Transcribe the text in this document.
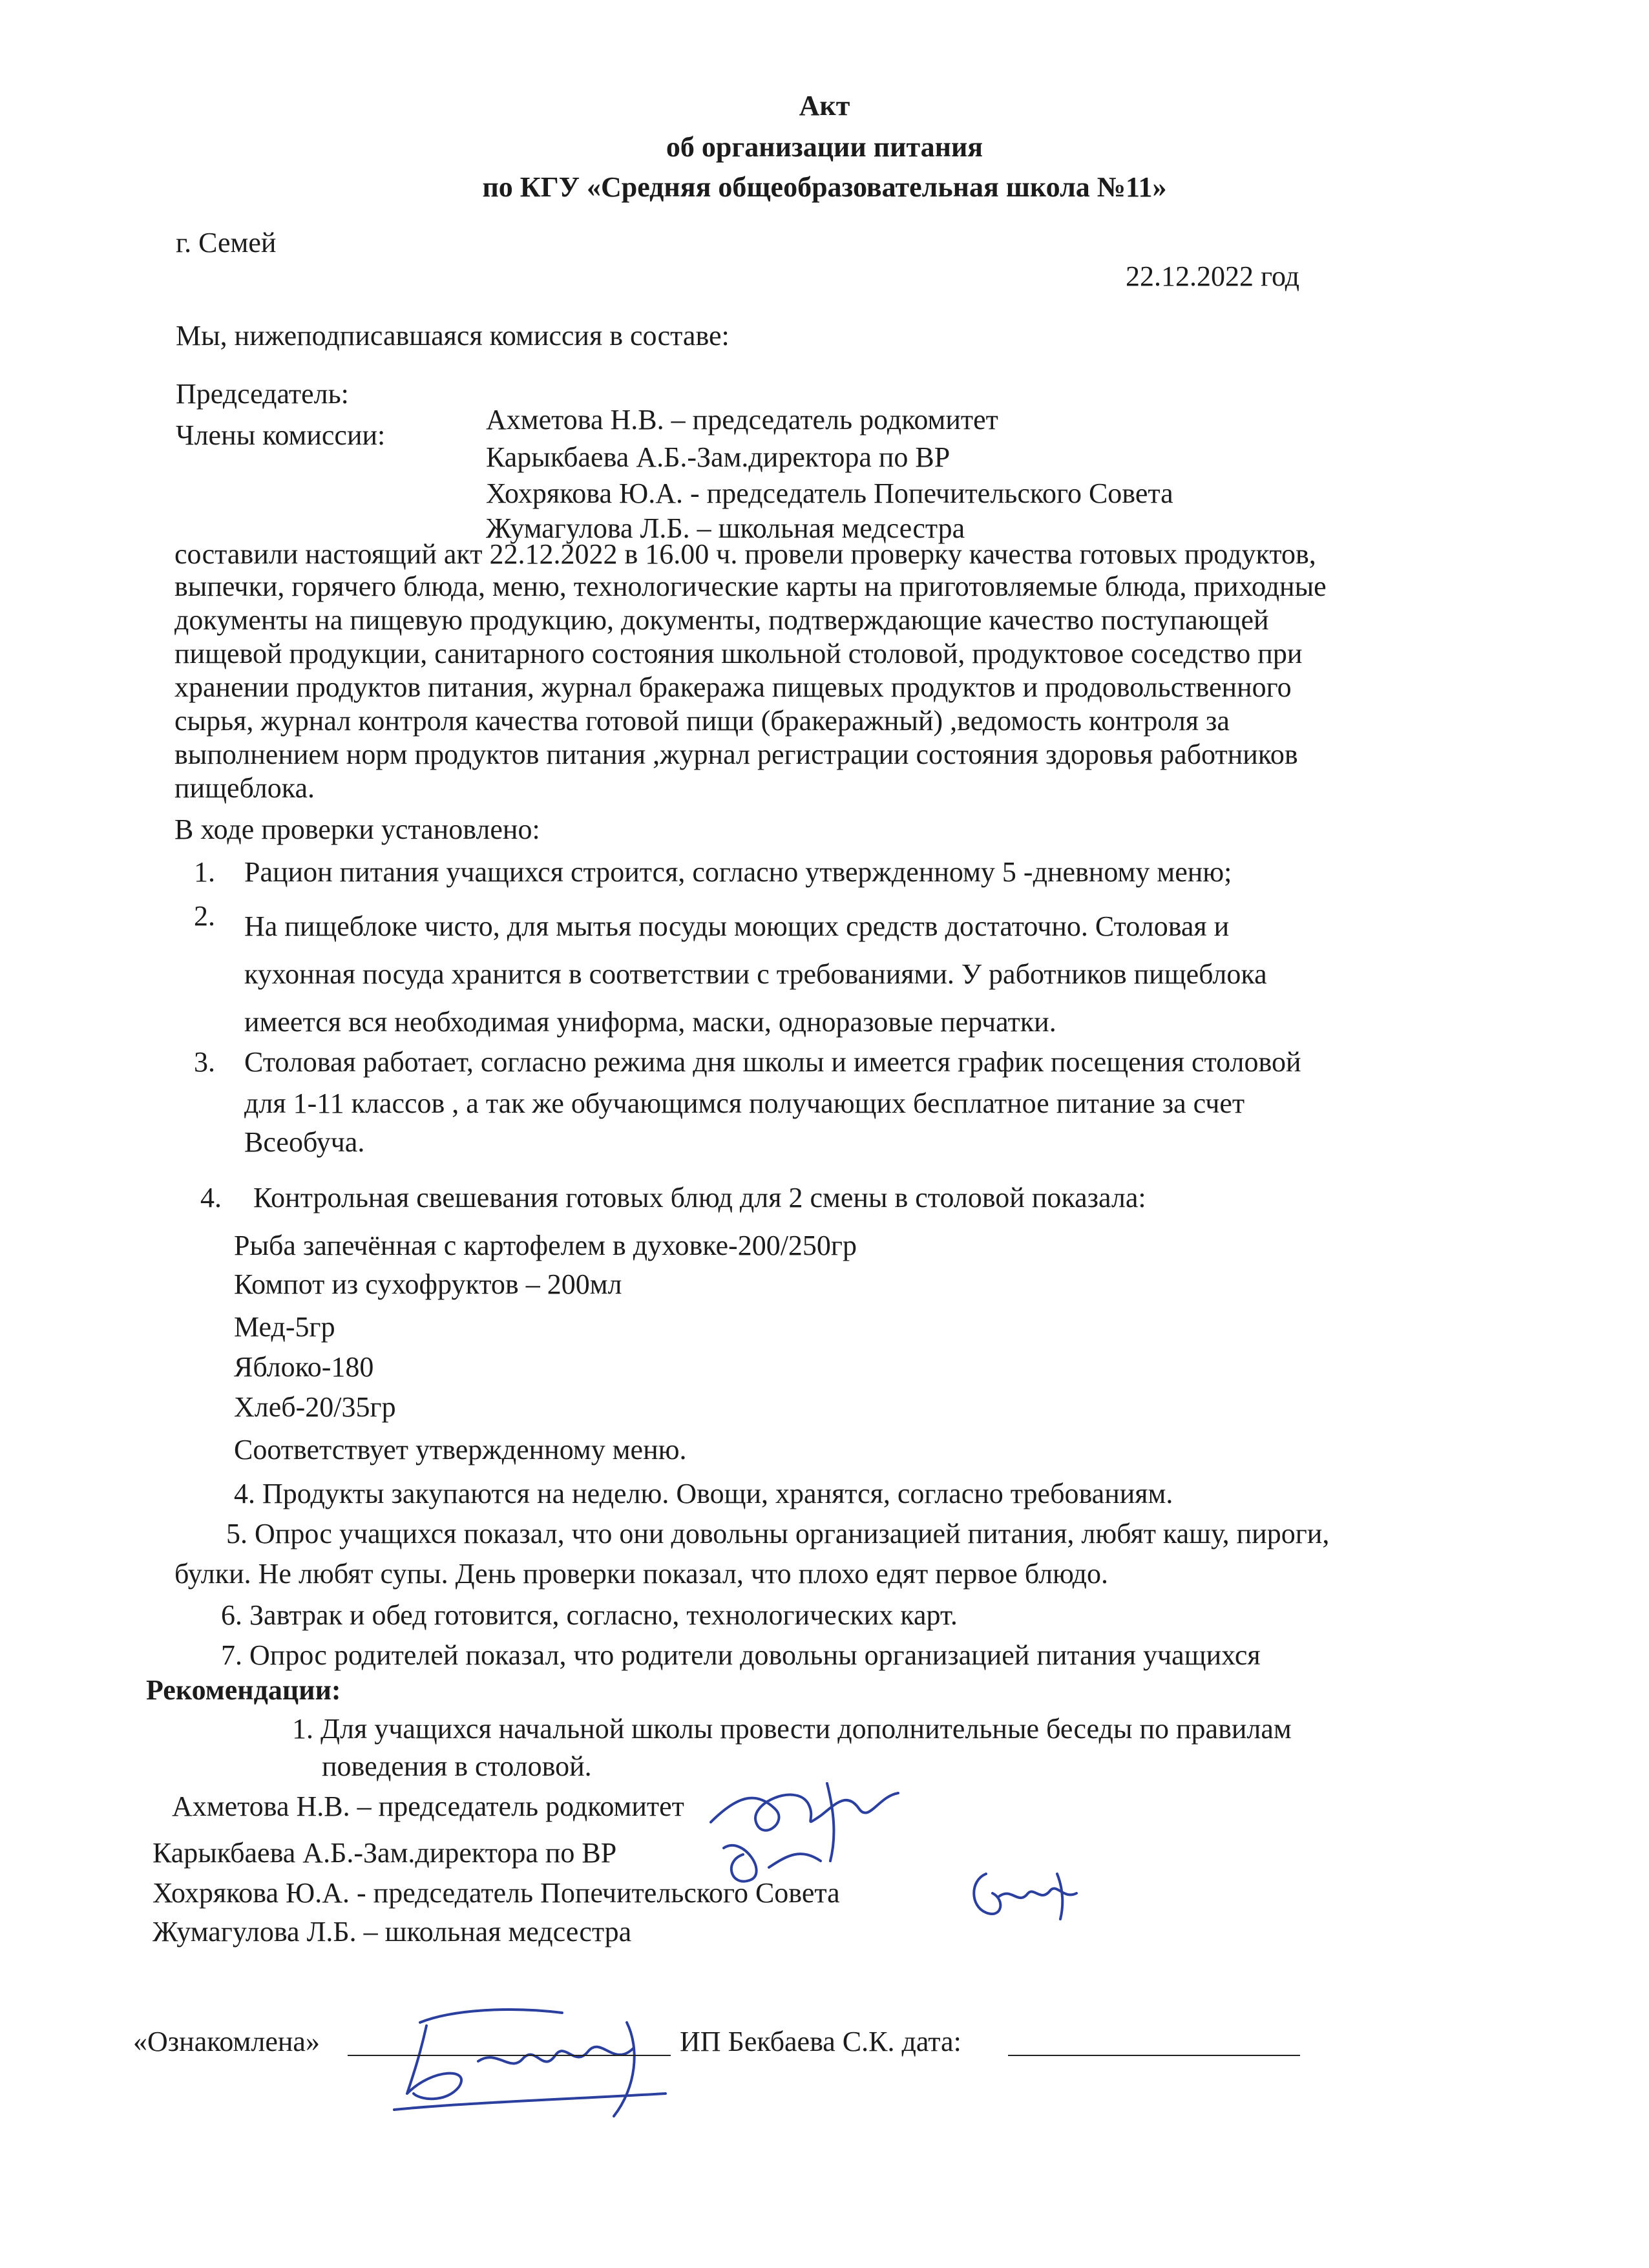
Акт
об организации питания
по КГУ «Средняя общеобразовательная школа №11»
г. Семей
22.12.2022 год
Мы, нижеподписавшаяся комиссия в составе:
Председатель:
Ахметова Н.В. – председатель родкомитет
Члены комиссии:
Карыкбаева А.Б.-Зам.директора по ВР
Хохрякова Ю.А. - председатель Попечительского Совета
Жумагулова Л.Б. – школьная медсестра
составили настоящий акт 22.12.2022 в 16.00 ч. провели проверку качества готовых продуктов,
выпечки, горячего блюда, меню, технологические карты на приготовляемые блюда, приходные
документы на пищевую продукцию, документы, подтверждающие качество поступающей
пищевой продукции, санитарного состояния школьной столовой, продуктовое соседство при
хранении продуктов питания, журнал бракеража пищевых продуктов и продовольственного
сырья, журнал контроля качества готовой пищи (бракеражный) ,ведомость контроля за
выполнением норм продуктов питания ,журнал регистрации состояния здоровья работников
пищеблока.
В ходе проверки установлено:
1. Рацион питания учащихся строится, согласно утвержденному 5 -дневному меню;
2. На пищеблоке чисто, для мытья посуды моющих средств достаточно. Столовая и
кухонная посуда хранится в соответствии с требованиями. У работников пищеблока
имеется вся необходимая униформа, маски, одноразовые перчатки.
3. Столовая работает, согласно режима дня школы и имеется график посещения столовой
для 1-11 классов , а так же обучающимся получающих бесплатное питание за счет
Всеобуча.
4. Контрольная свешевания готовых блюд для 2 смены в столовой показала:
Рыба запечённая с картофелем в духовке-200/250гр
Компот из сухофруктов – 200мл
Мед-5гр
Яблоко-180
Хлеб-20/35гр
Соответствует утвержденному меню.
4. Продукты закупаются на неделю. Овощи, хранятся, согласно требованиям.
5. Опрос учащихся показал, что они довольны организацией питания, любят кашу, пироги,
булки. Не любят супы. День проверки показал, что плохо едят первое блюдо.
6. Завтрак и обед готовится, согласно, технологических карт.
7. Опрос родителей показал, что родители довольны организацией питания учащихся
Рекомендации:
1. Для учащихся начальной школы провести дополнительные беседы по правилам
поведения в столовой.
Ахметова Н.В. – председатель родкомитет
Карыкбаева А.Б.-Зам.директора по ВР
Хохрякова Ю.А. - председатель Попечительского Совета
Жумагулова Л.Б. – школьная медсестра
«Ознакомлена»	ИП Бекбаева С.К. дата:
